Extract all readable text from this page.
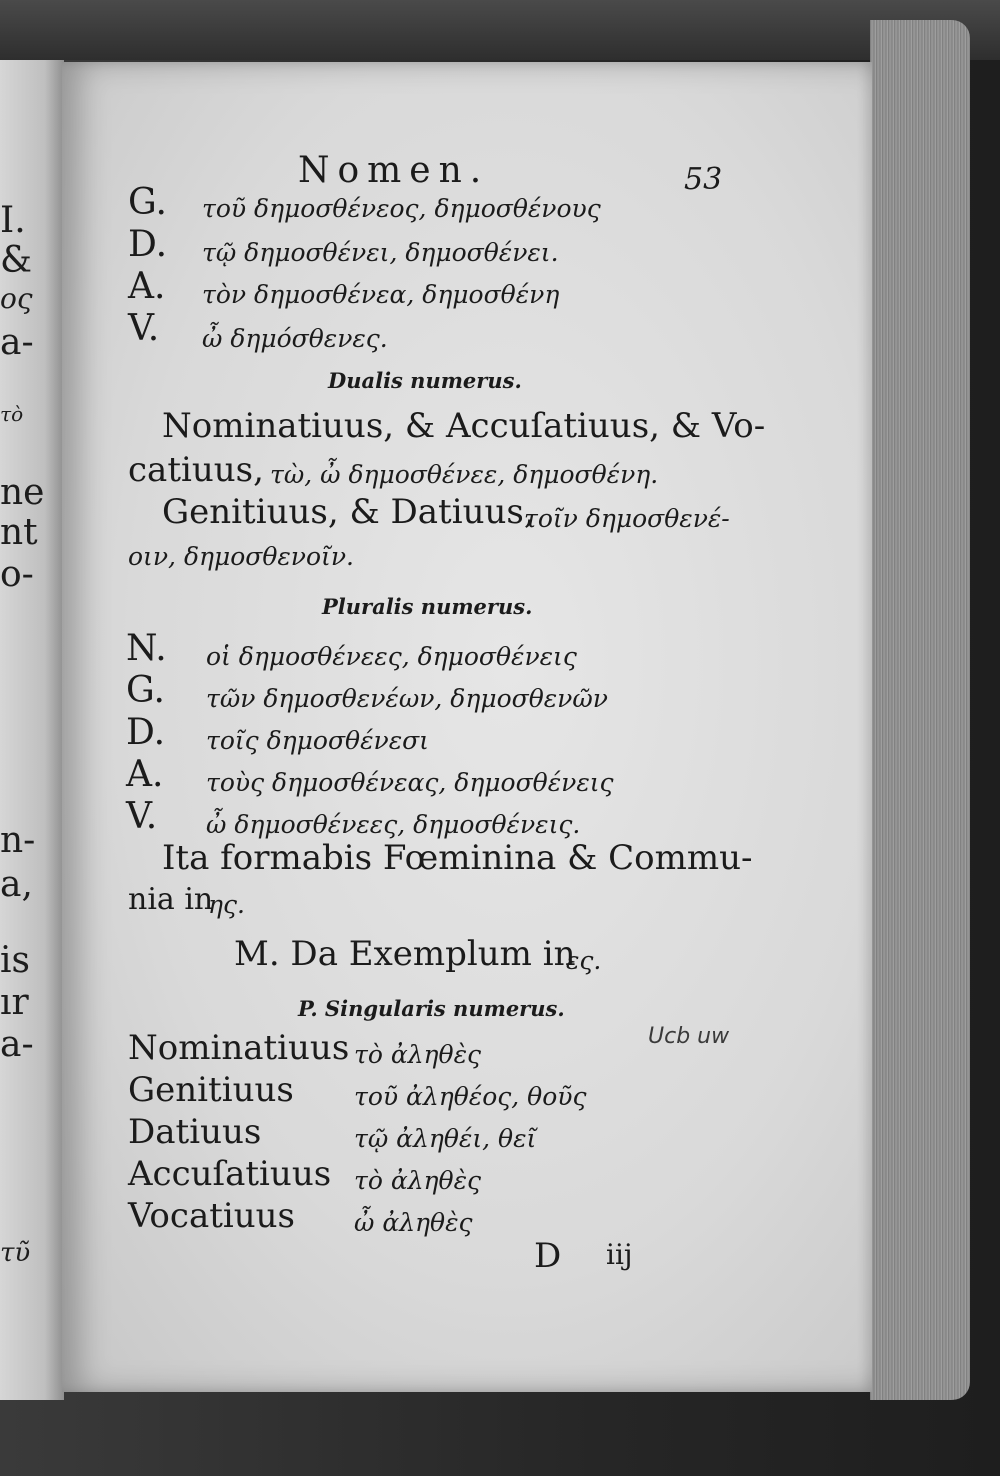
I.
&
ος
a-
τὸ
ne
nt
o-
n-
a,
is
ır
a-
τῦ
Nomen.	53
G. τοῦ δημοσθένεος, δημοσθένους
D. τῷ δημοσθένει, δημοσθένει.
A. τὸν δημοσθένεα, δημοσθένη
V. ὦ δημόσθενες.
Dualis numerus.
Nominatiuus, & Accuſatiuus, & Vo-
catiuus, τὼ, ὦ δημοσθένεε, δημοσθένη.
Genitiuus, & Datiuus,
τοῖν δημοσθενέ-
οιν, δημοσθενοῖν.
Pluralis numerus.
N. οἱ δημοσθένεες, δημοσθένεις
G. τῶν δημοσθενέων, δημοσθενῶν
D. τοῖς δημοσθένεσι
A. τοὺς δημοσθένεας, δημοσθένεις
V. ὦ δημοσθένεες, δημοσθένεις.
Ita formabis Fœminina & Commu-
nia in
ης.
M. Da Exemplum in
ες.
P. Singularis numerus.
Nominatiuus τὸ ἀληθὲς
Genitiuus τοῦ ἀληθέος, θοῦς
Datiuus	τῷ ἀληθέι, θεῖ
Accuſatiuus τὸ ἀληθὲς
Vocatiuus ὦ ἀληθὲς
Ucb uw
D iij
